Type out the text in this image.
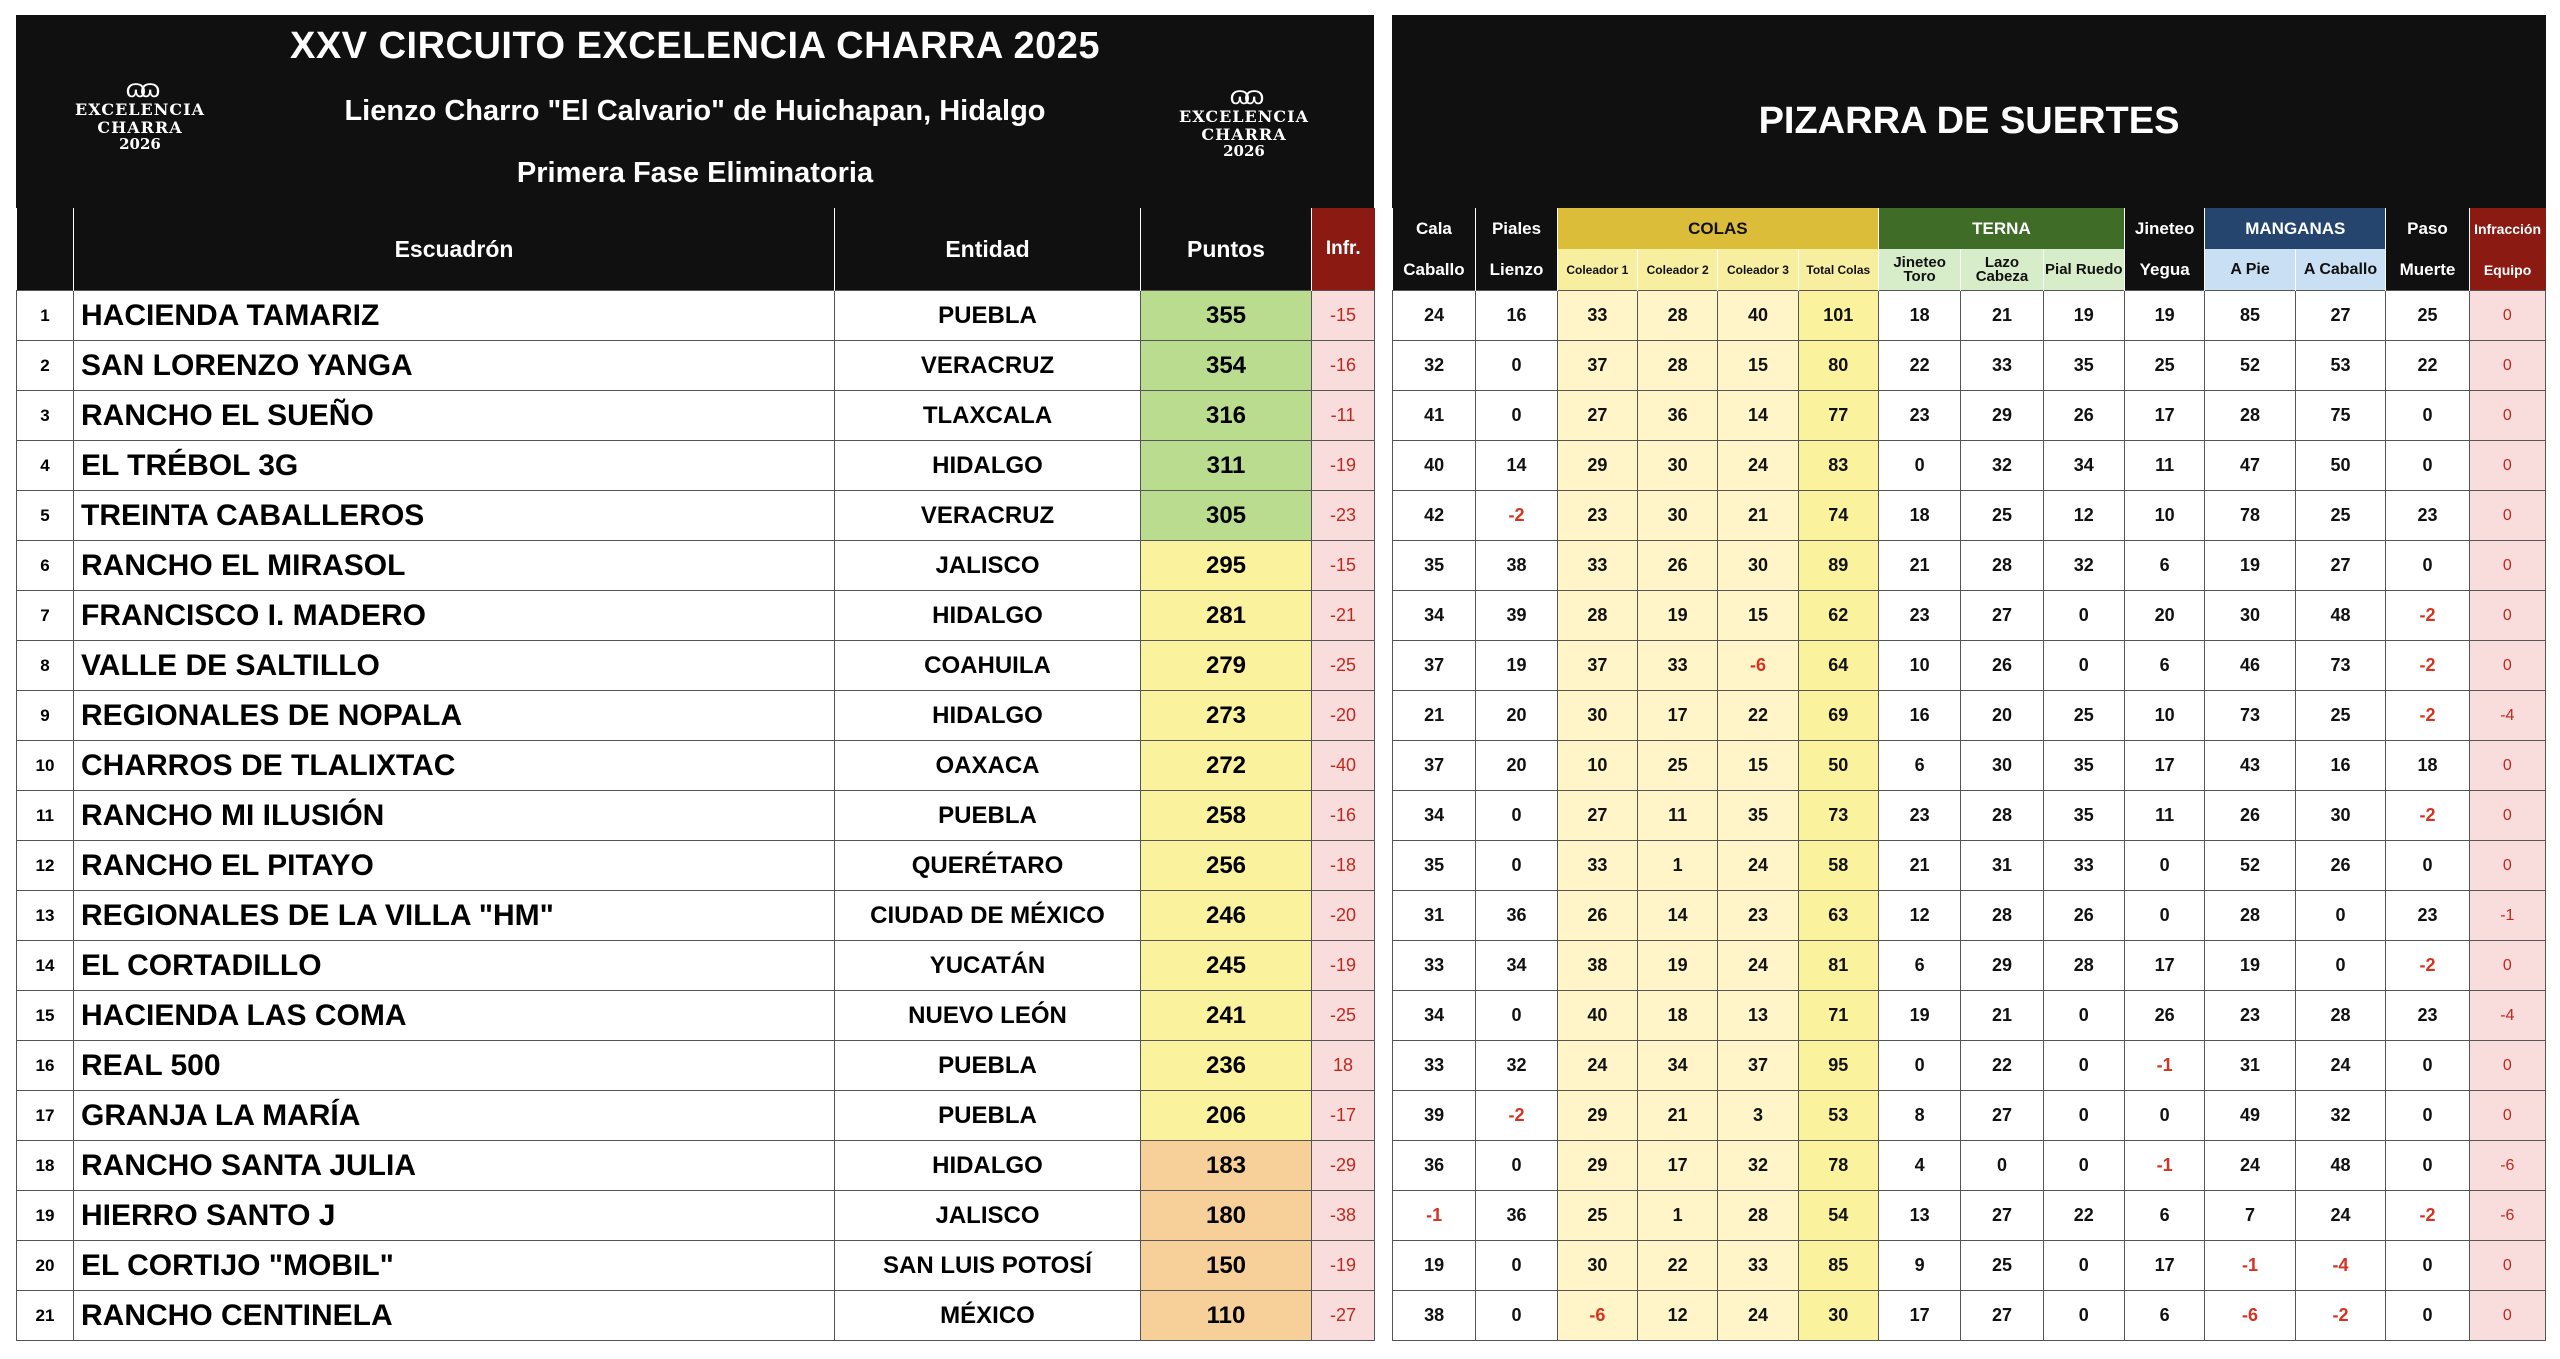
ɷɷ
EXCELENCIA CHARRA
2026
XXV CIRCUITO EXCELENCIA CHARRA 2025
Lienzo Charro "El Calvario" de Huichapan, Hidalgo
Primera Fase Eliminatoria
ɷɷ
EXCELENCIA CHARRA
2026
	Escuadrón	Entidad	Puntos	Infr.
1	HACIENDA TAMARIZ	PUEBLA	355	-15
2	SAN LORENZO YANGA	VERACRUZ	354	-16
3	RANCHO EL SUEÑO	TLAXCALA	316	-11
4	EL TRÉBOL 3G	HIDALGO	311	-19
5	TREINTA CABALLEROS	VERACRUZ	305	-23
6	RANCHO EL MIRASOL	JALISCO	295	-15
7	FRANCISCO I. MADERO	HIDALGO	281	-21
8	VALLE DE SALTILLO	COAHUILA	279	-25
9	REGIONALES DE NOPALA	HIDALGO	273	-20
10	CHARROS DE TLALIXTAC	OAXACA	272	-40
11	RANCHO MI ILUSIÓN	PUEBLA	258	-16
12	RANCHO EL PITAYO	QUERÉTARO	256	-18
13	REGIONALES DE LA VILLA "HM"	CIUDAD DE MÉXICO	246	-20
14	EL CORTADILLO	YUCATÁN	245	-19
15	HACIENDA LAS COMA	NUEVO LEÓN	241	-25
16	REAL 500	PUEBLA	236	18
17	GRANJA LA MARÍA	PUEBLA	206	-17
18	RANCHO SANTA JULIA	HIDALGO	183	-29
19	HIERRO SANTO J	JALISCO	180	-38
20	EL CORTIJO "MOBIL"	SAN LUIS POTOSÍ	150	-19
21	RANCHO CENTINELA	MÉXICO	110	-27
PIZARRA DE SUERTES
Cala	Piales	COLAS				TERNA			Jineteo	MANGANAS		Paso	Infracción
Caballo	Lienzo	Coleador 1	Coleador 2	Coleador 3	Total Colas	Jineteo Toro	Lazo Cabeza	Pial Ruedo	Yegua	A Pie	A Caballo	Muerte	Equipo
24	16	33	28	40	101	18	21	19	19	85	27	25	0
32	0	37	28	15	80	22	33	35	25	52	53	22	0
41	0	27	36	14	77	23	29	26	17	28	75	0	0
40	14	29	30	24	83	0	32	34	11	47	50	0	0
42	-2	23	30	21	74	18	25	12	10	78	25	23	0
35	38	33	26	30	89	21	28	32	6	19	27	0	0
34	39	28	19	15	62	23	27	0	20	30	48	-2	0
37	19	37	33	-6	64	10	26	0	6	46	73	-2	0
21	20	30	17	22	69	16	20	25	10	73	25	-2	-4
37	20	10	25	15	50	6	30	35	17	43	16	18	0
34	0	27	11	35	73	23	28	35	11	26	30	-2	0
35	0	33	1	24	58	21	31	33	0	52	26	0	0
31	36	26	14	23	63	12	28	26	0	28	0	23	-1
33	34	38	19	24	81	6	29	28	17	19	0	-2	0
34	0	40	18	13	71	19	21	0	26	23	28	23	-4
33	32	24	34	37	95	0	22	0	-1	31	24	0	0
39	-2	29	21	3	53	8	27	0	0	49	32	0	0
36	0	29	17	32	78	4	0	0	-1	24	48	0	-6
-1	36	25	1	28	54	13	27	22	6	7	24	-2	-6
19	0	30	22	33	85	9	25	0	17	-1	-4	0	0
38	0	-6	12	24	30	17	27	0	6	-6	-2	0	0
